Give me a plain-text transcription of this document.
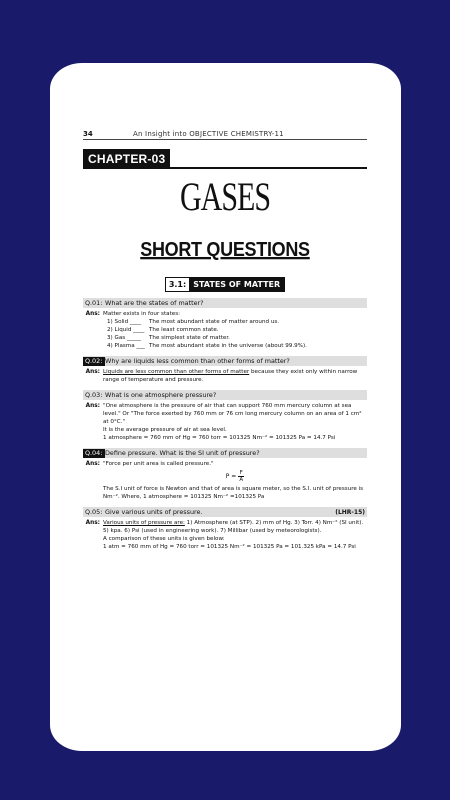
34	An Insight into OBJECTIVE CHEMISTRY-11
CHAPTER-03
GASES
SHORT QUESTIONS
3.1: STATES OF MATTER
Q.01: What are the states of matter?
Ans: Matter exists in four states:

1) Solid ____	The most abundant state of matter around us.
2) Liquid ____ The least common state.
3) Gas _____	The simplest state of matter.
4) Plasma ___ The most abundant state in the universe (about 99.9%).
Q.02: Why are liquids less common than other forms of matter?
Ans: Liquids are less common than other forms of matter because they exist only within narrow range of temperature and pressure.

Q.03: What is one atmosphere pressure?
Ans: "One atmosphere is the pressure of air that can support 760 mm mercury column at sea level." Or "The force exerted by 760 mm or 76 cm long mercury column on an area of 1 cm² at 0°C."

It is the average pressure of air at sea level.

1 atmosphere = 760 mm of Hg = 760 torr = 101325 Nm⁻² = 101325 Pa = 14.7 Psi

Q.04: Define pressure. What is the SI unit of pressure?
Ans: "Force per unit area is called pressure."

$P = \frac{F}{A}$

The S.I unit of force is Newton and that of area is square meter, so the S.I. unit of pressure is Nm⁻². Where, 1 atmosphere = 101325 Nm⁻² =101325 Pa

Q.05: Give various units of pressure.	(LHR-15)
Ans: Various units of pressure are: 1) Atmosphere (at STP). 2) mm of Hg. 3) Torr. 4) Nm⁻² (SI unit). 5) kpa. 6) Psi (used in engineering work). 7) Millibar (used by meteorologists).

A comparison of these units is given below:

1 atm = 760 mm of Hg = 760 torr = 101325 Nm⁻² = 101325 Pa = 101.325 kPa = 14.7 Psi
